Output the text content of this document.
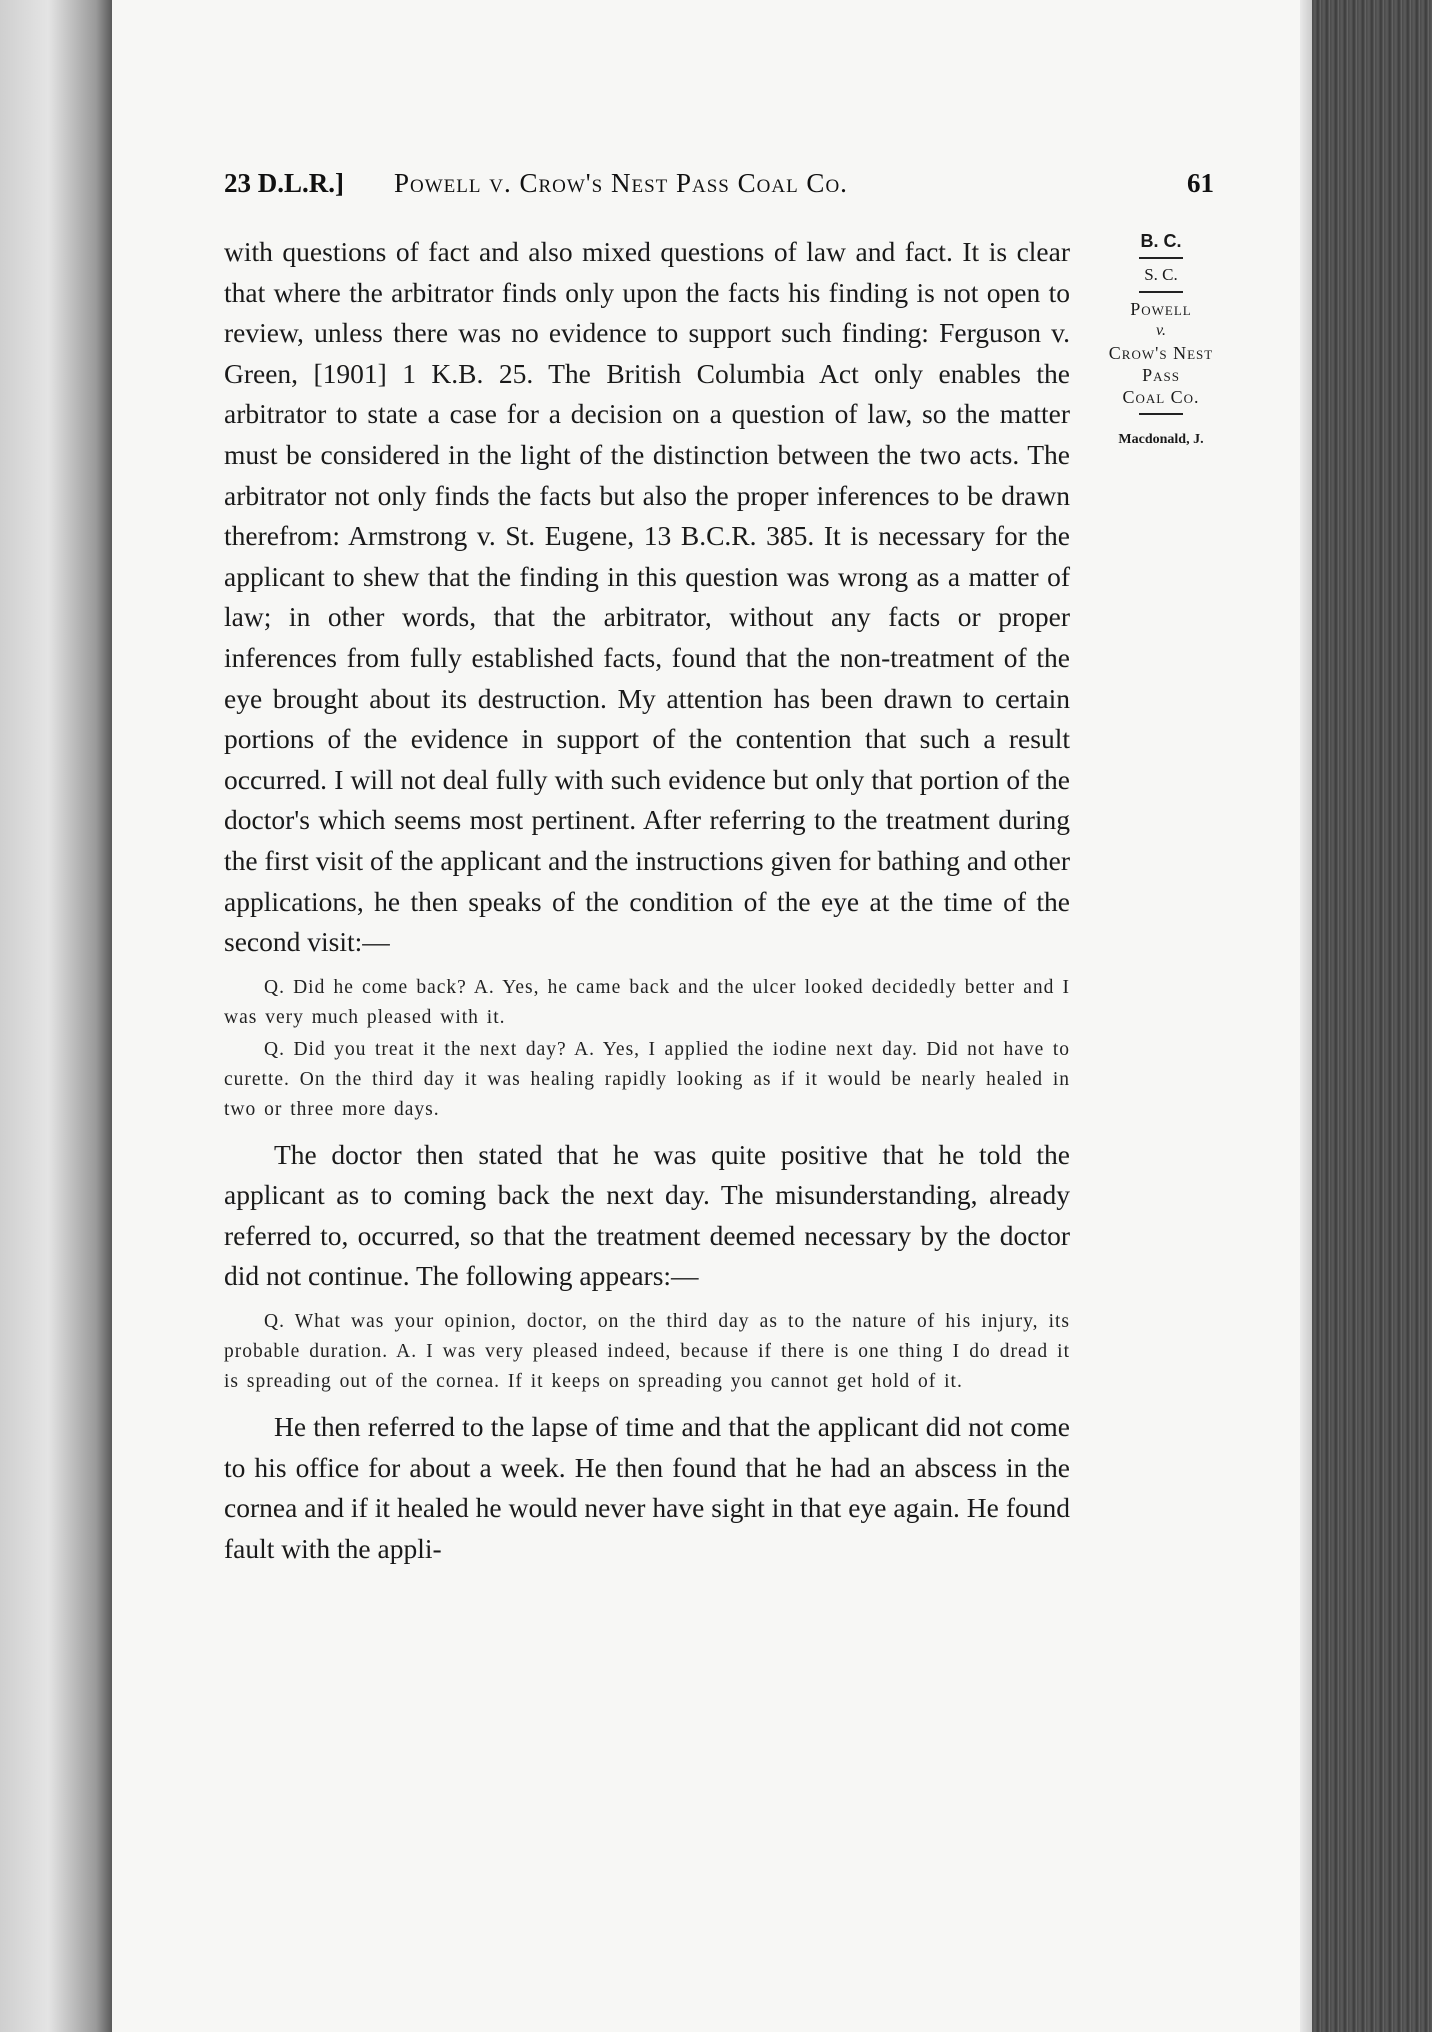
23 D.L.R.] Powell v. Crow's Nest Pass Coal Co.	61
B. C.
S. C.
Powell
v.
Crow's Nest
Pass
Coal Co.
Macdonald, J.

with questions of fact and also mixed questions of law and fact. It is clear that where the arbitrator finds only upon the facts his finding is not open to review, unless there was no evidence to support such finding: Ferguson v. Green, [1901] 1 K.B. 25. The British Columbia Act only enables the arbitrator to state a case for a decision on a question of law, so the matter must be considered in the light of the distinction between the two acts. The arbitrator not only finds the facts but also the proper inferences to be drawn therefrom: Armstrong v. St. Eugene, 13 B.C.R. 385. It is necessary for the applicant to shew that the finding in this question was wrong as a matter of law; in other words, that the arbitrator, without any facts or proper inferences from fully established facts, found that the non-treatment of the eye brought about its destruction. My attention has been drawn to certain portions of the evidence in support of the contention that such a result occurred. I will not deal fully with such evidence but only that portion of the doctor's which seems most pertinent. After referring to the treatment during the first visit of the applicant and the instructions given for bathing and other applications, he then speaks of the condition of the eye at the time of the second visit:—

Q. Did he come back? A. Yes, he came back and the ulcer looked decidedly better and I was very much pleased with it.

Q. Did you treat it the next day? A. Yes, I applied the iodine next day. Did not have to curette. On the third day it was healing rapidly looking as if it would be nearly healed in two or three more days.

The doctor then stated that he was quite positive that he told the applicant as to coming back the next day. The misunderstanding, already referred to, occurred, so that the treatment deemed necessary by the doctor did not continue. The following appears:—

Q. What was your opinion, doctor, on the third day as to the nature of his injury, its probable duration. A. I was very pleased indeed, because if there is one thing I do dread it is spreading out of the cornea. If it keeps on spreading you cannot get hold of it.

He then referred to the lapse of time and that the applicant did not come to his office for about a week. He then found that he had an abscess in the cornea and if it healed he would never have sight in that eye again. He found fault with the appli-
